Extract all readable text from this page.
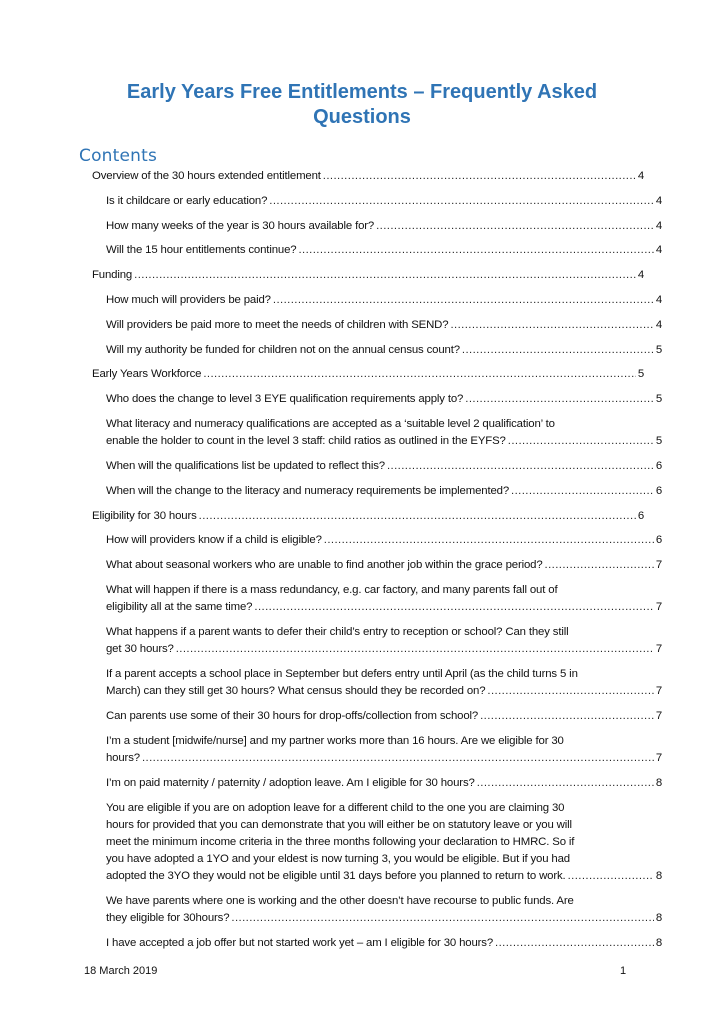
Early Years Free Entitlements – Frequently Asked
Questions
Contents
Overview of the 30 hours extended entitlement .....	4
Is it childcare or early education? .....	4
How many weeks of the year is 30 hours available for? .....	4
Will the 15 hour entitlements continue? .....	4
Funding .....	4
How much will providers be paid? .....	4
Will providers be paid more to meet the needs of children with SEND? .....	4
Will my authority be funded for children not on the annual census count? .....	5
Early Years Workforce .....	5
Who does the change to level 3 EYE qualification requirements apply to? .....	5
What literacy and numeracy qualifications are accepted as a ‘suitable level 2 qualification’ to
enable the holder to count in the level 3 staff: child ratios as outlined in the EYFS? .....	5
When will the qualifications list be updated to reflect this? .....	6
When will the change to the literacy and numeracy requirements be implemented? .....	6
Eligibility for 30 hours .....	6
How will providers know if a child is eligible? .....	6
What about seasonal workers who are unable to find another job within the grace period? .....	7
What will happen if there is a mass redundancy, e.g. car factory, and many parents fall out of
eligibility all at the same time? .....	7
What happens if a parent wants to defer their child’s entry to reception or school? Can they still
get 30 hours? .....	7
If a parent accepts a school place in September but defers entry until April (as the child turns 5 in
March) can they still get 30 hours? What census should they be recorded on? .....	7
Can parents use some of their 30 hours for drop-offs/collection from school? .....	7
I’m a student [midwife/nurse] and my partner works more than 16 hours. Are we eligible for 30
hours? .....	7
I’m on paid maternity / paternity / adoption leave. Am I eligible for 30 hours? .....	8
You are eligible if you are on adoption leave for a different child to the one you are claiming 30
hours for provided that you can demonstrate that you will either be on statutory leave or you will
meet the minimum income criteria in the three months following your declaration to HMRC. So if
you have adopted a 1YO and your eldest is now turning 3, you would be eligible. But if you had
adopted the 3YO they would not be eligible until 31 days before you planned to return to work. .....	8
We have parents where one is working and the other doesn’t have recourse to public funds. Are
they eligible for 30hours? .....	8
I have accepted a job offer but not started work yet – am I eligible for 30 hours? .....	8
18 March 2019	1
